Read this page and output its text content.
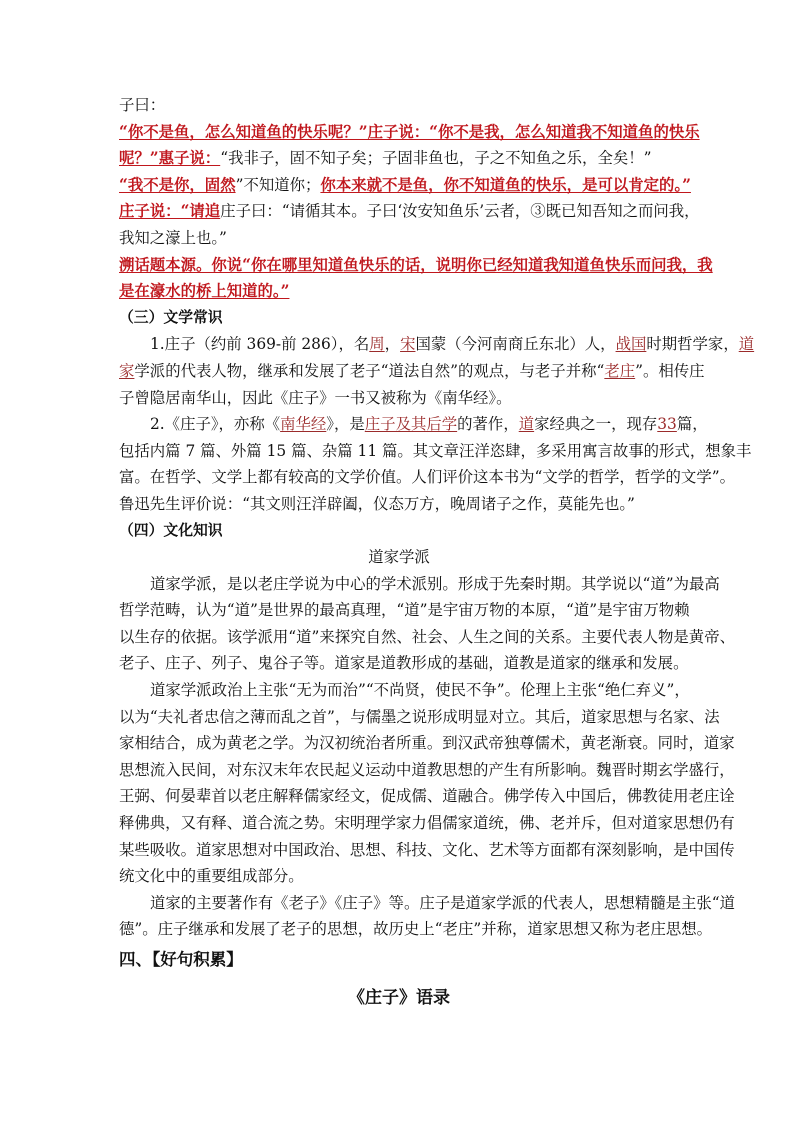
子曰：
“你不是鱼，怎么知道鱼的快乐呢？”庄子说：“你不是我，怎么知道我不知道鱼的快乐
呢？”惠子说：“我非子，固不知子矣；子固非鱼也，子之不知鱼之乐，全矣！”
“我不是你，固然”不知道你；你本来就不是鱼，你不知道鱼的快乐，是可以肯定的。”
庄子说：“请追庄子曰：“请循其本。子曰‘汝安知鱼乐’云者，③既已知吾知之而问我，
我知之濠上也。”
溯话题本源。你说“你在哪里知道鱼快乐的话，说明你已经知道我知道鱼快乐而问我，我
是在濠水的桥上知道的。”
（三）文学常识
1.庄子（约前 369-前 286），名周，宋国蒙（今河南商丘东北）人，战国时期哲学家，道
家学派的代表人物，继承和发展了老子“道法自然”的观点，与老子并称“老庄”。相传庄
子曾隐居南华山，因此《庄子》一书又被称为《南华经》。
2.《庄子》，亦称《南华经》，是庄子及其后学的著作，道家经典之一，现存33篇，
包括内篇 7 篇、外篇 15 篇、杂篇 11 篇。其文章汪洋恣肆，多采用寓言故事的形式，想象丰
富。在哲学、文学上都有较高的文学价值。人们评价这本书为“文学的哲学，哲学的文学”。
鲁迅先生评价说：“其文则汪洋辟阖，仪态万方，晚周诸子之作，莫能先也。”
（四）文化知识
道家学派
道家学派，是以老庄学说为中心的学术派别。形成于先秦时期。其学说以“道”为最高
哲学范畴，认为“道”是世界的最高真理，“道”是宇宙万物的本原，“道”是宇宙万物赖
以生存的依据。该学派用“道”来探究自然、社会、人生之间的关系。主要代表人物是黄帝、
老子、庄子、列子、鬼谷子等。道家是道教形成的基础，道教是道家的继承和发展。
道家学派政治上主张“无为而治”“不尚贤，使民不争”。伦理上主张“绝仁弃义”，
以为“夫礼者忠信之薄而乱之首”，与儒墨之说形成明显对立。其后，道家思想与名家、法
家相结合，成为黄老之学。为汉初统治者所重。到汉武帝独尊儒术，黄老渐衰。同时，道家
思想流入民间，对东汉末年农民起义运动中道教思想的产生有所影响。魏晋时期玄学盛行，
王弼、何晏辈首以老庄解释儒家经文，促成儒、道融合。佛学传入中国后，佛教徒用老庄诠
释佛典，又有释、道合流之势。宋明理学家力倡儒家道统，佛、老并斥，但对道家思想仍有
某些吸收。道家思想对中国政治、思想、科技、文化、艺术等方面都有深刻影响，是中国传
统文化中的重要组成部分。
道家的主要著作有《老子》《庄子》等。庄子是道家学派的代表人，思想精髓是主张“道
德”。庄子继承和发展了老子的思想，故历史上“老庄”并称，道家思想又称为老庄思想。
四、【好句积累】
《庄子》语录
